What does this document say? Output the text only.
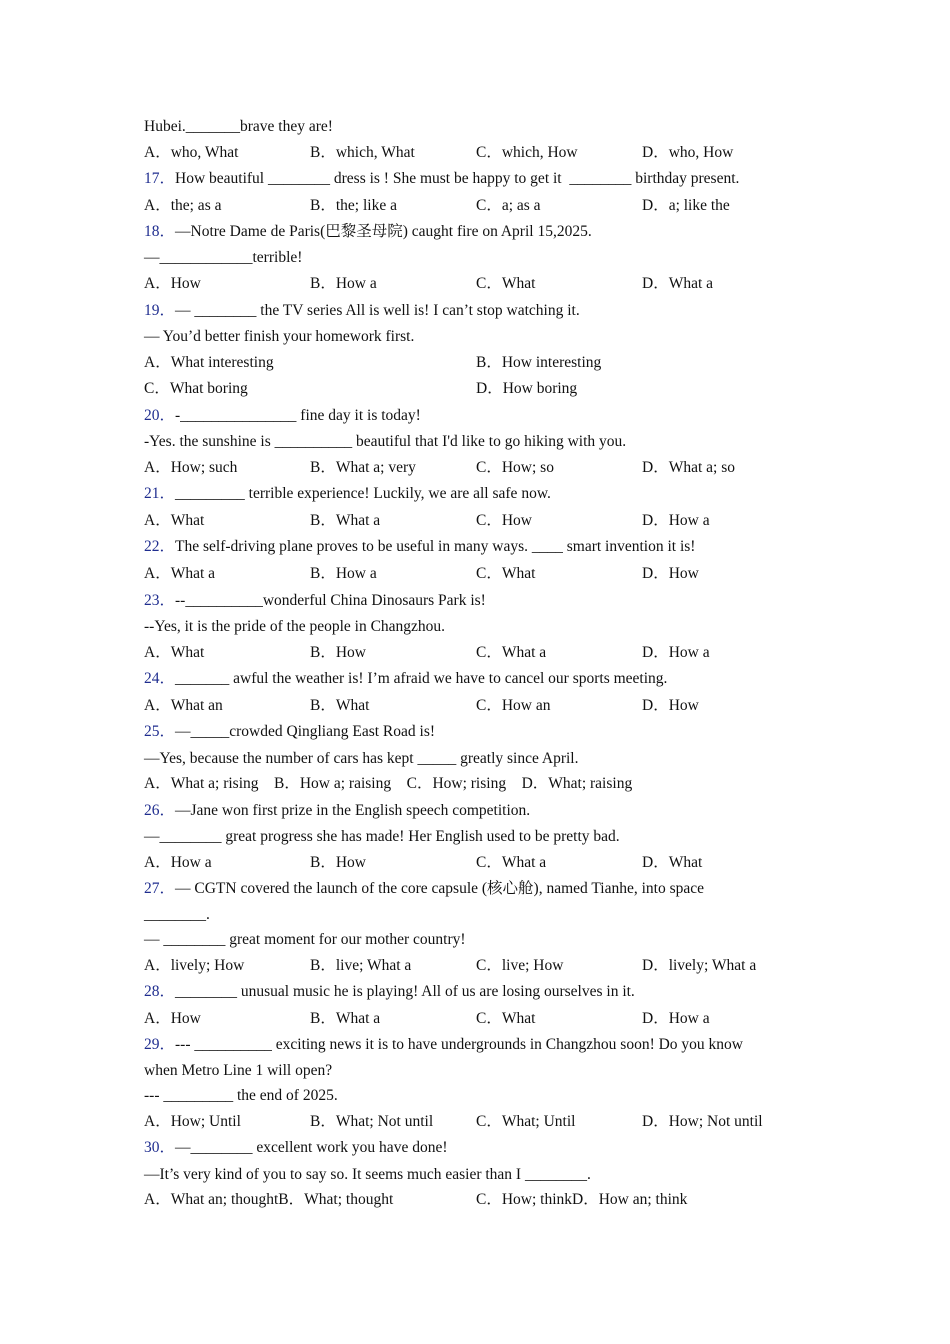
Hubei._______brave they are!
A．who, What	B．which, What	C．which, How	D．who, How
17．How beautiful ________ dress is ! She must be happy to get it  ________ birthday present.
A．the; as a	B．the; like a	C．a; as a	D．a; like the
18．—Notre Dame de Paris(巴黎圣母院) caught fire on April 15,2025.
—____________terrible!
A．How	B．How a	C．What	D．What a
19．— ________ the TV series All is well is! I can’t stop watching it.
— You’d better finish your homework first.
A．What interesting	B．How interesting
C．What boring	D．How boring
20．-_______________ fine day it is today!
-Yes. the sunshine is __________ beautiful that I'd like to go hiking with you.
A．How; such	B．What a; very	C．How; so	D．What a; so
21．_________ terrible experience! Luckily, we are all safe now.
A．What	B．What a	C．How	D．How a
22．The self-driving plane proves to be useful in many ways. ____ smart invention it is!
A．What a	B．How a	C．What	D．How
23．--__________wonderful China Dinosaurs Park is!
--Yes, it is the pride of the people in Changzhou.
A．What	B．How	C．What a	D．How a
24．_______ awful the weather is! I’m afraid we have to cancel our sports meeting.
A．What an	B．What	C．How an	D．How
25．—_____crowded Qingliang East Road is!
—Yes, because the number of cars has kept _____ greatly since April.
A．What a; rising    B．How a; raising    C．How; rising    D．What; raising
26．—Jane won first prize in the English speech competition.
—________ great progress she has made! Her English used to be pretty bad.
A．How a	B．How	C．What a	D．What
27．— CGTN covered the launch of the core capsule (核心舱), named Tianhe, into space
________.
— ________ great moment for our mother country!
A．lively; How	B．live; What a	C．live; How	D．lively; What a
28．________ unusual music he is playing! All of us are losing ourselves in it.
A．How	B．What a	C．What	D．How a
29．--- __________ exciting news it is to have undergrounds in Changzhou soon! Do you know
when Metro Line 1 will open?
--- _________ the end of 2025.
A．How; Until	B．What; Not until	C．What; Until	D．How; Not until
30．—________ excellent work you have done!
—It’s very kind of you to say so. It seems much easier than I ________.
A．What an; thoughtB．What; thought	C．How; thinkD．How an; think
